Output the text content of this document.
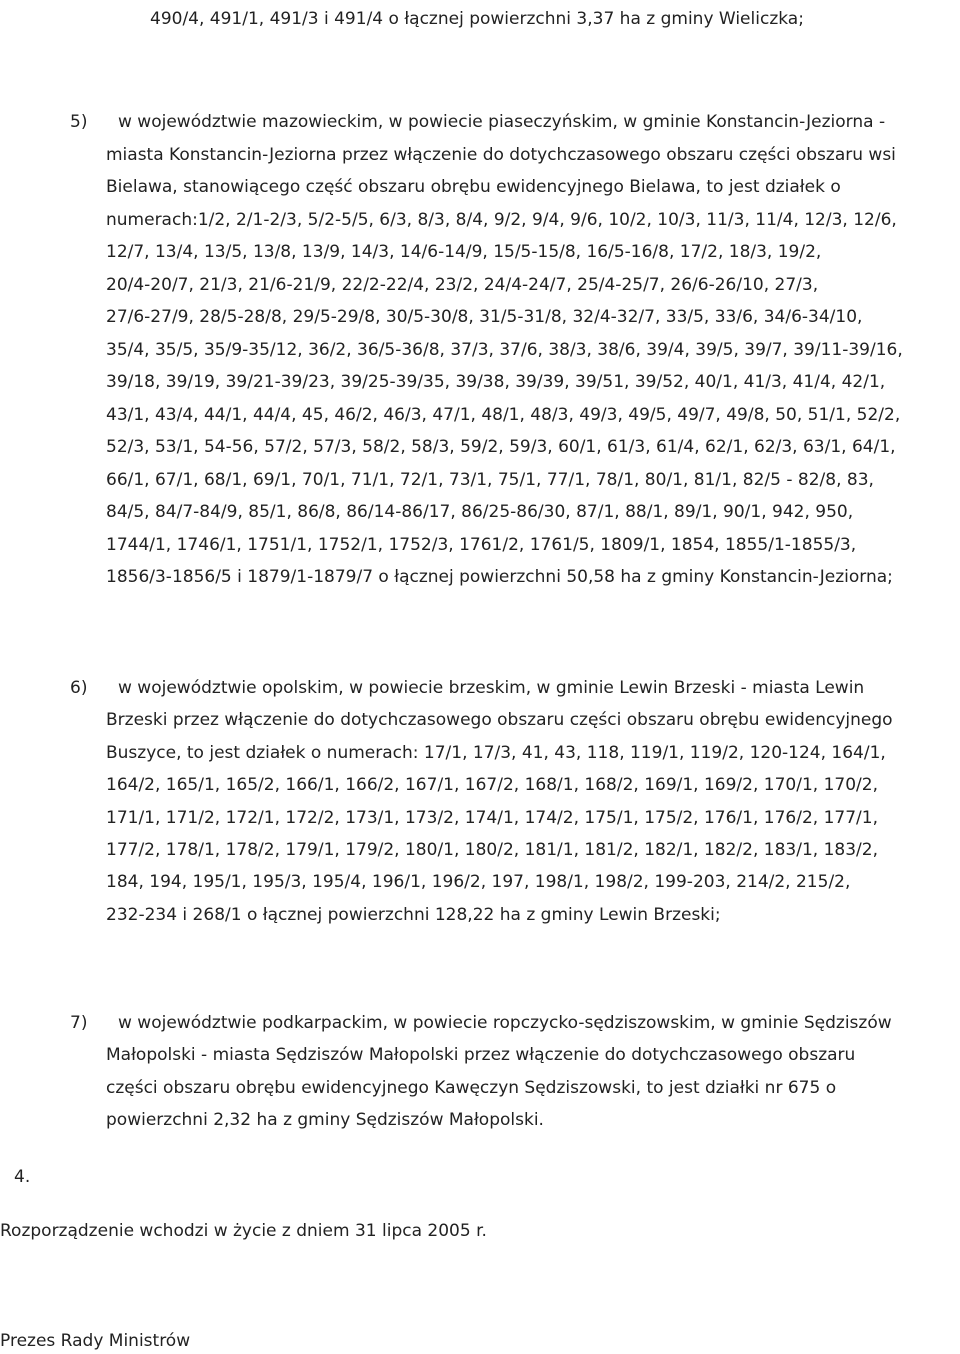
490/4, 491/1, 491/3 i 491/4 o łącznej powierzchni 3,37 ha z gminy Wieliczka;
5) w województwie mazowieckim, w powiecie piaseczyńskim, w gminie Konstancin-Jeziorna -
miasta Konstancin-Jeziorna przez włączenie do dotychczasowego obszaru części obszaru wsi
Bielawa, stanowiącego część obszaru obrębu ewidencyjnego Bielawa, to jest działek o
numerach:1/2, 2/1-2/3, 5/2-5/5, 6/3, 8/3, 8/4, 9/2, 9/4, 9/6, 10/2, 10/3, 11/3, 11/4, 12/3, 12/6,
12/7, 13/4, 13/5, 13/8, 13/9, 14/3, 14/6-14/9, 15/5-15/8, 16/5-16/8, 17/2, 18/3, 19/2,
20/4-20/7, 21/3, 21/6-21/9, 22/2-22/4, 23/2, 24/4-24/7, 25/4-25/7, 26/6-26/10, 27/3,
27/6-27/9, 28/5-28/8, 29/5-29/8, 30/5-30/8, 31/5-31/8, 32/4-32/7, 33/5, 33/6, 34/6-34/10,
35/4, 35/5, 35/9-35/12, 36/2, 36/5-36/8, 37/3, 37/6, 38/3, 38/6, 39/4, 39/5, 39/7, 39/11-39/16,
39/18, 39/19, 39/21-39/23, 39/25-39/35, 39/38, 39/39, 39/51, 39/52, 40/1, 41/3, 41/4, 42/1,
43/1, 43/4, 44/1, 44/4, 45, 46/2, 46/3, 47/1, 48/1, 48/3, 49/3, 49/5, 49/7, 49/8, 50, 51/1, 52/2,
52/3, 53/1, 54-56, 57/2, 57/3, 58/2, 58/3, 59/2, 59/3, 60/1, 61/3, 61/4, 62/1, 62/3, 63/1, 64/1,
66/1, 67/1, 68/1, 69/1, 70/1, 71/1, 72/1, 73/1, 75/1, 77/1, 78/1, 80/1, 81/1, 82/5 - 82/8, 83,
84/5, 84/7-84/9, 85/1, 86/8, 86/14-86/17, 86/25-86/30, 87/1, 88/1, 89/1, 90/1, 942, 950,
1744/1, 1746/1, 1751/1, 1752/1, 1752/3, 1761/2, 1761/5, 1809/1, 1854, 1855/1-1855/3,
1856/3-1856/5 i 1879/1-1879/7 o łącznej powierzchni 50,58 ha z gminy Konstancin-Jeziorna;
6) w województwie opolskim, w powiecie brzeskim, w gminie Lewin Brzeski - miasta Lewin
Brzeski przez włączenie do dotychczasowego obszaru części obszaru obrębu ewidencyjnego
Buszyce, to jest działek o numerach: 17/1, 17/3, 41, 43, 118, 119/1, 119/2, 120-124, 164/1,
164/2, 165/1, 165/2, 166/1, 166/2, 167/1, 167/2, 168/1, 168/2, 169/1, 169/2, 170/1, 170/2,
171/1, 171/2, 172/1, 172/2, 173/1, 173/2, 174/1, 174/2, 175/1, 175/2, 176/1, 176/2, 177/1,
177/2, 178/1, 178/2, 179/1, 179/2, 180/1, 180/2, 181/1, 181/2, 182/1, 182/2, 183/1, 183/2,
184, 194, 195/1, 195/3, 195/4, 196/1, 196/2, 197, 198/1, 198/2, 199-203, 214/2, 215/2,
232-234 i 268/1 o łącznej powierzchni 128,22 ha z gminy Lewin Brzeski;
7) w województwie podkarpackim, w powiecie ropczycko-sędziszowskim, w gminie Sędziszów
Małopolski - miasta Sędziszów Małopolski przez włączenie do dotychczasowego obszaru
części obszaru obrębu ewidencyjnego Kawęczyn Sędziszowski, to jest działki nr 675 o
powierzchni 2,32 ha z gminy Sędziszów Małopolski.
4.
Rozporządzenie wchodzi w życie z dniem 31 lipca 2005 r.
Prezes Rady Ministrów
